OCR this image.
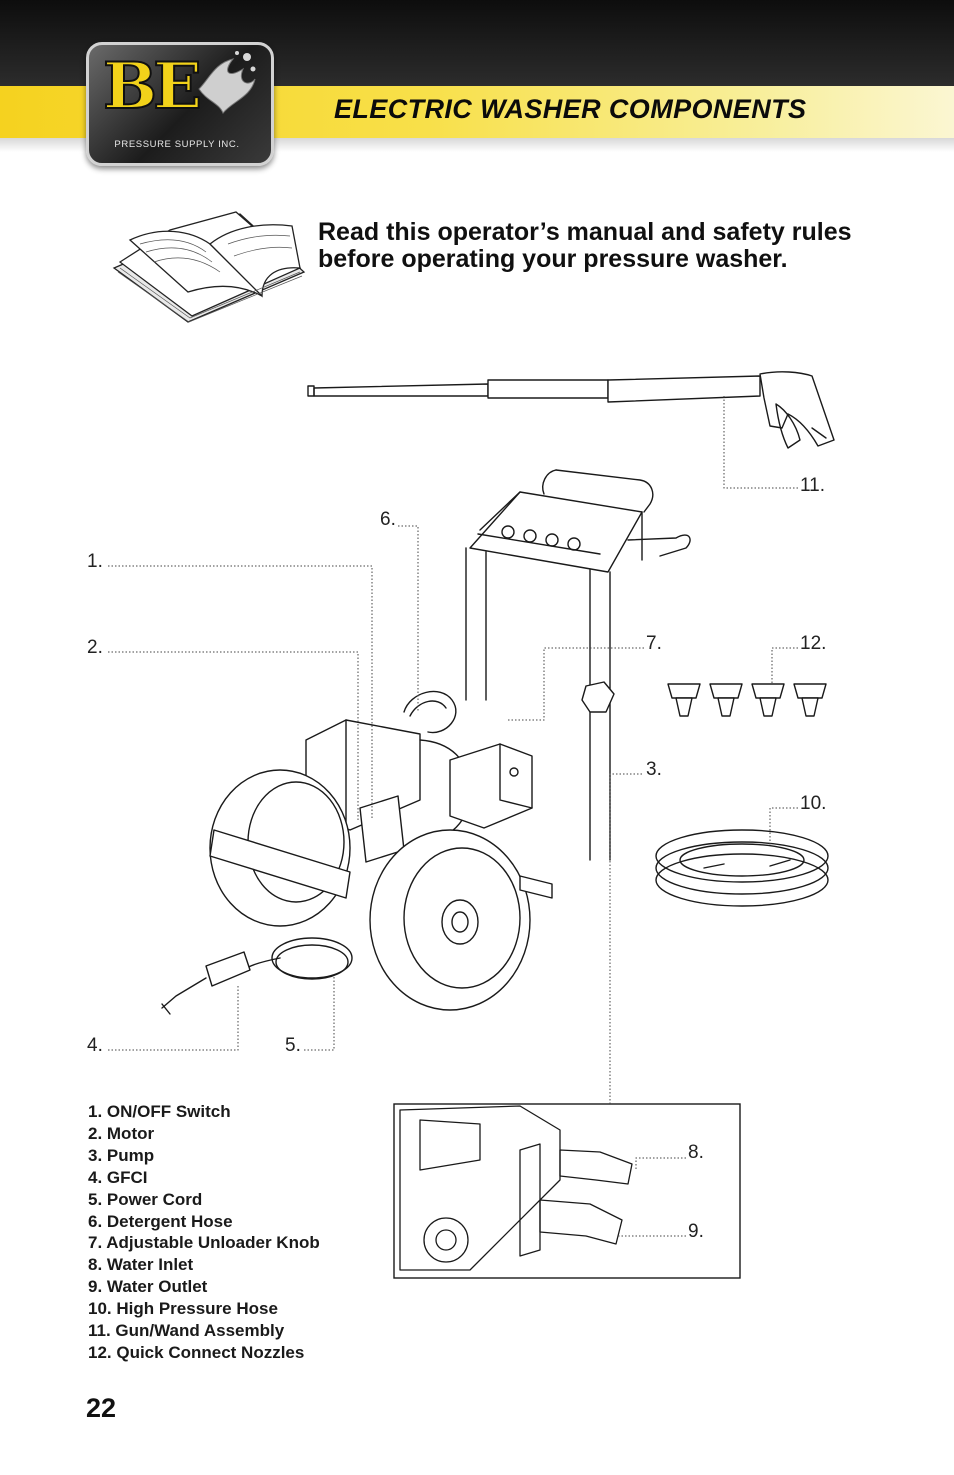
BE
PRESSURE SUPPLY INC.
ELECTRIC WASHER COMPONENTS
Read this operator’s manual and safety rules before operating your pressure washer.
1.
2.
3.
4.	5.
6.
7.
8.
9.
10.
11.
12.
1. ON/OFF Switch
2. Motor
3. Pump
4. GFCI
5. Power Cord
6. Detergent Hose
7. Adjustable Unloader Knob
8. Water Inlet
9. Water Outlet
10. High Pressure Hose
11. Gun/Wand Assembly
12. Quick Connect Nozzles
22
